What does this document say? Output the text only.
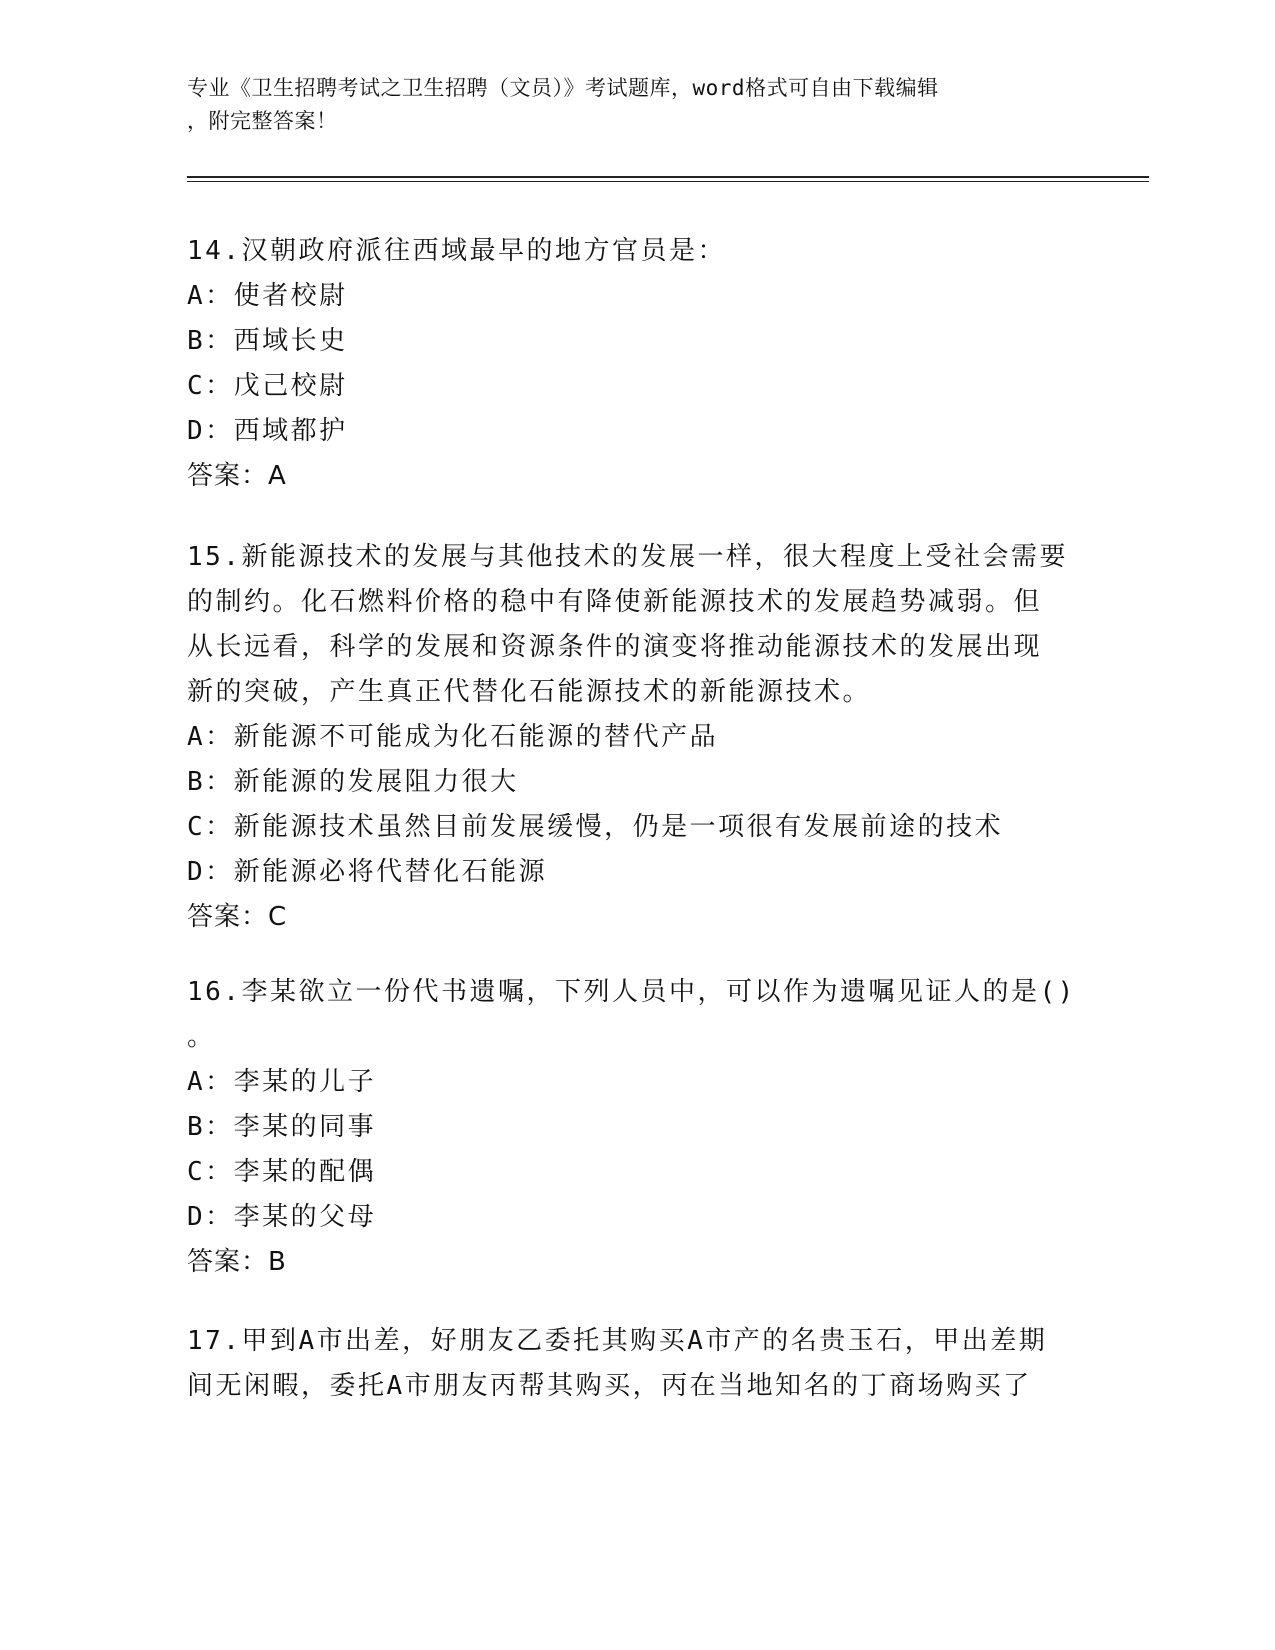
专业《卫生招聘考试之卫生招聘（文员）》考试题库，word格式可自由下载编辑
，附完整答案！

14.汉朝政府派往西域最早的地方官员是：

A：使者校尉

B：西域长史

C：戊己校尉

D：西域都护

答案：A

15.新能源技术的发展与其他技术的发展一样，很大程度上受社会需要

的制约。化石燃料价格的稳中有降使新能源技术的发展趋势减弱。但

从长远看，科学的发展和资源条件的演变将推动能源技术的发展出现

新的突破，产生真正代替化石能源技术的新能源技术。

A：新能源不可能成为化石能源的替代产品

B：新能源的发展阻力很大

C：新能源技术虽然目前发展缓慢，仍是一项很有发展前途的技术

D：新能源必将代替化石能源

答案：C

16.李某欲立一份代书遗嘱，下列人员中，可以作为遗嘱见证人的是()

。

A：李某的儿子

B：李某的同事

C：李某的配偶

D：李某的父母

答案：B

17.甲到A市出差，好朋友乙委托其购买A市产的名贵玉石，甲出差期

间无闲暇，委托A市朋友丙帮其购买，丙在当地知名的丁商场购买了
